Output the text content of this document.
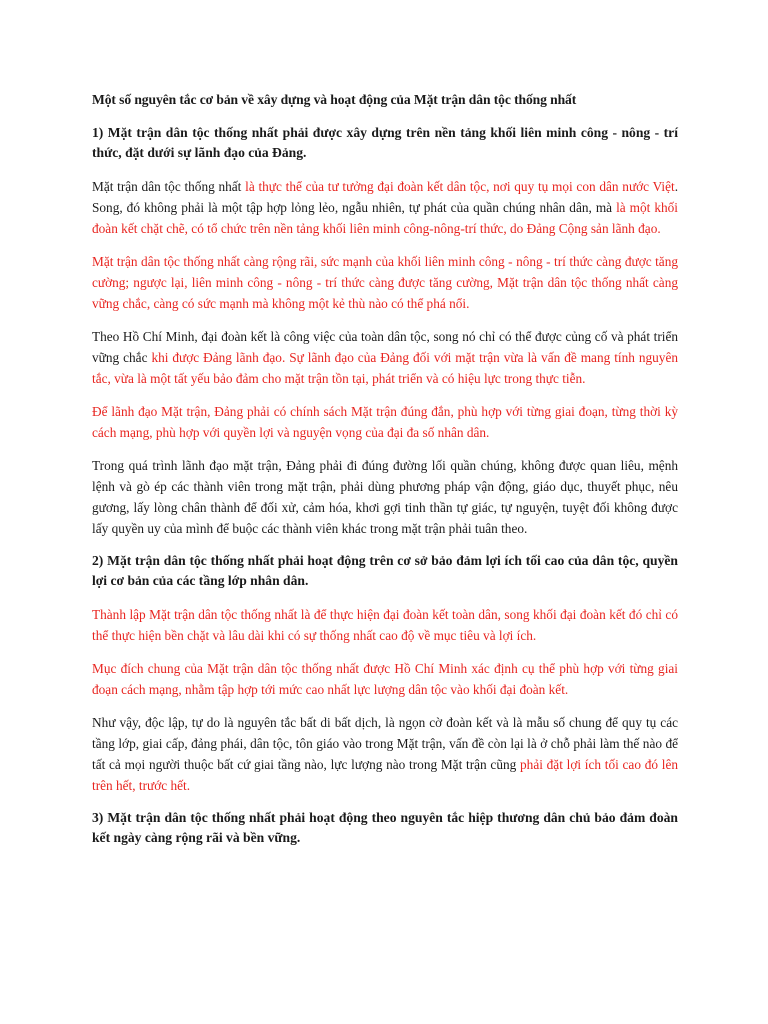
Một số nguyên tắc cơ bản về xây dựng và hoạt động của Mặt trận dân tộc thống nhất
1) Mặt trận dân tộc thống nhất phải được xây dựng trên nền tảng khối liên minh công - nông - trí thức, đặt dưới sự lãnh đạo của Đảng.
Mặt trận dân tộc thống nhất là thực thể của tư tưởng đại đoàn kết dân tộc, nơi quy tụ mọi con dân nước Việt. Song, đó không phải là một tập hợp lỏng lẻo, ngẫu nhiên, tự phát của quần chúng nhân dân, mà là một khối đoàn kết chặt chẽ, có tổ chức trên nền tảng khối liên minh công-nông-trí thức, do Đảng Cộng sản lãnh đạo.
Mặt trận dân tộc thống nhất càng rộng rãi, sức mạnh của khối liên minh công - nông - trí thức càng được tăng cường; ngược lại, liên minh công - nông - trí thức càng được tăng cường, Mặt trận dân tộc thống nhất càng vững chắc, càng có sức mạnh mà không một kẻ thù nào có thể phá nổi.
Theo Hồ Chí Minh, đại đoàn kết là công việc của toàn dân tộc, song nó chỉ có thể được củng cố và phát triển vững chắc khi được Đảng lãnh đạo. Sự lãnh đạo của Đảng đối với mặt trận vừa là vấn đề mang tính nguyên tắc, vừa là một tất yếu bảo đảm cho mặt trận tồn tại, phát triển và có hiệu lực trong thực tiễn.
Để lãnh đạo Mặt trận, Đảng phải có chính sách Mặt trận đúng đắn, phù hợp với từng giai đoạn, từng thời kỳ cách mạng, phù hợp với quyền lợi và nguyện vọng của đại đa số nhân dân.
Trong quá trình lãnh đạo mặt trận, Đảng phải đi đúng đường lối quần chúng, không được quan liêu, mệnh lệnh và gò ép các thành viên trong mặt trận, phải dùng phương pháp vận động, giáo dục, thuyết phục, nêu gương, lấy lòng chân thành để đối xử, cảm hóa, khơi gợi tinh thần tự giác, tự nguyện, tuyệt đối không được lấy quyền uy của mình để buộc các thành viên khác trong mặt trận phải tuân theo.
2) Mặt trận dân tộc thống nhất phải hoạt động trên cơ sở bảo đảm lợi ích tối cao của dân tộc, quyền lợi cơ bản của các tầng lớp nhân dân.
Thành lập Mặt trận dân tộc thống nhất là để thực hiện đại đoàn kết toàn dân, song khối đại đoàn kết đó chỉ có thể thực hiện bền chặt và lâu dài khi có sự thống nhất cao độ về mục tiêu và lợi ích.
Mục đích chung của Mặt trận dân tộc thống nhất được Hồ Chí Minh xác định cụ thể phù hợp với từng giai đoạn cách mạng, nhằm tập hợp tới mức cao nhất lực lượng dân tộc vào khối đại đoàn kết.
Như vậy, độc lập, tự do là nguyên tắc bất di bất dịch, là ngọn cờ đoàn kết và là mẫu số chung để quy tụ các tầng lớp, giai cấp, đảng phái, dân tộc, tôn giáo vào trong Mặt trận, vấn đề còn lại là ở chỗ phải làm thế nào để tất cả mọi người thuộc bất cứ giai tầng nào, lực lượng nào trong Mặt trận cũng phải đặt lợi ích tối cao đó lên trên hết, trước hết.
3) Mặt trận dân tộc thống nhất phải hoạt động theo nguyên tắc hiệp thương dân chủ bảo đảm đoàn kết ngày càng rộng rãi và bền vững.
